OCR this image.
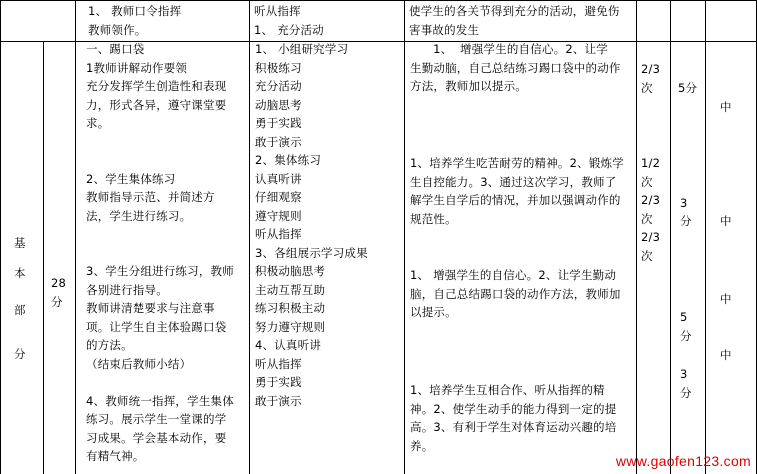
1、 教师口令指挥
教师领作。
听从指挥
1、 充分活动
使学生的各关节得到充分的活动，避免伤
害事故的发生
基
本
部
分
28
分
一、踢口袋
1教师讲解动作要领
充分发挥学生创造性和表现
力，形式各异，遵守课堂要
求。
2、学生集体练习
教师指导示范、并简述方
法，学生进行练习。
3、学生分组进行练习，教师
各别进行指导。
教师讲清楚要求与注意事
项。让学生自主体验踢口袋
的方法。
（结束后教师小结）
4、教师统一指挥，学生集体
练习。展示学生一堂课的学
习成果。学会基本动作，要
有精气神。
1、 小组研究学习
积极练习
充分活动
动脑思考
勇于实践
敢于演示
2、集体练习
认真听讲
仔细观察
遵守规则
听从指挥
3、各组展示学习成果
积极动脑思考
主动互帮互助
练习积极主动
努力遵守规则
4、认真听讲
听从指挥
勇于实践
敢于演示
1、  增强学生的自信心。2、让学
生勤动脑，自己总结练习踢口袋中的动作
方法，教师加以提示。
1、培养学生吃苦耐劳的精神。2、锻炼学
生自控能力。3、通过这次学习，教师了
解学生自学后的情况，并加以强调动作的
规范性。
1、 增强学生的自信心。2、让学生勤动
脑，自己总结踢口袋的动作方法，教师加
以提示。
1、培养学生互相合作、听从指挥的精
神。2、使学生动手的能力得到一定的提
高。3、有利于学生对体育运动兴趣的培
养。
2/3
次
1/2
次
2/3
次
2/3
次
5分
3
分
5
分
3
分
中
中
中
中
www.gaofen123.com
